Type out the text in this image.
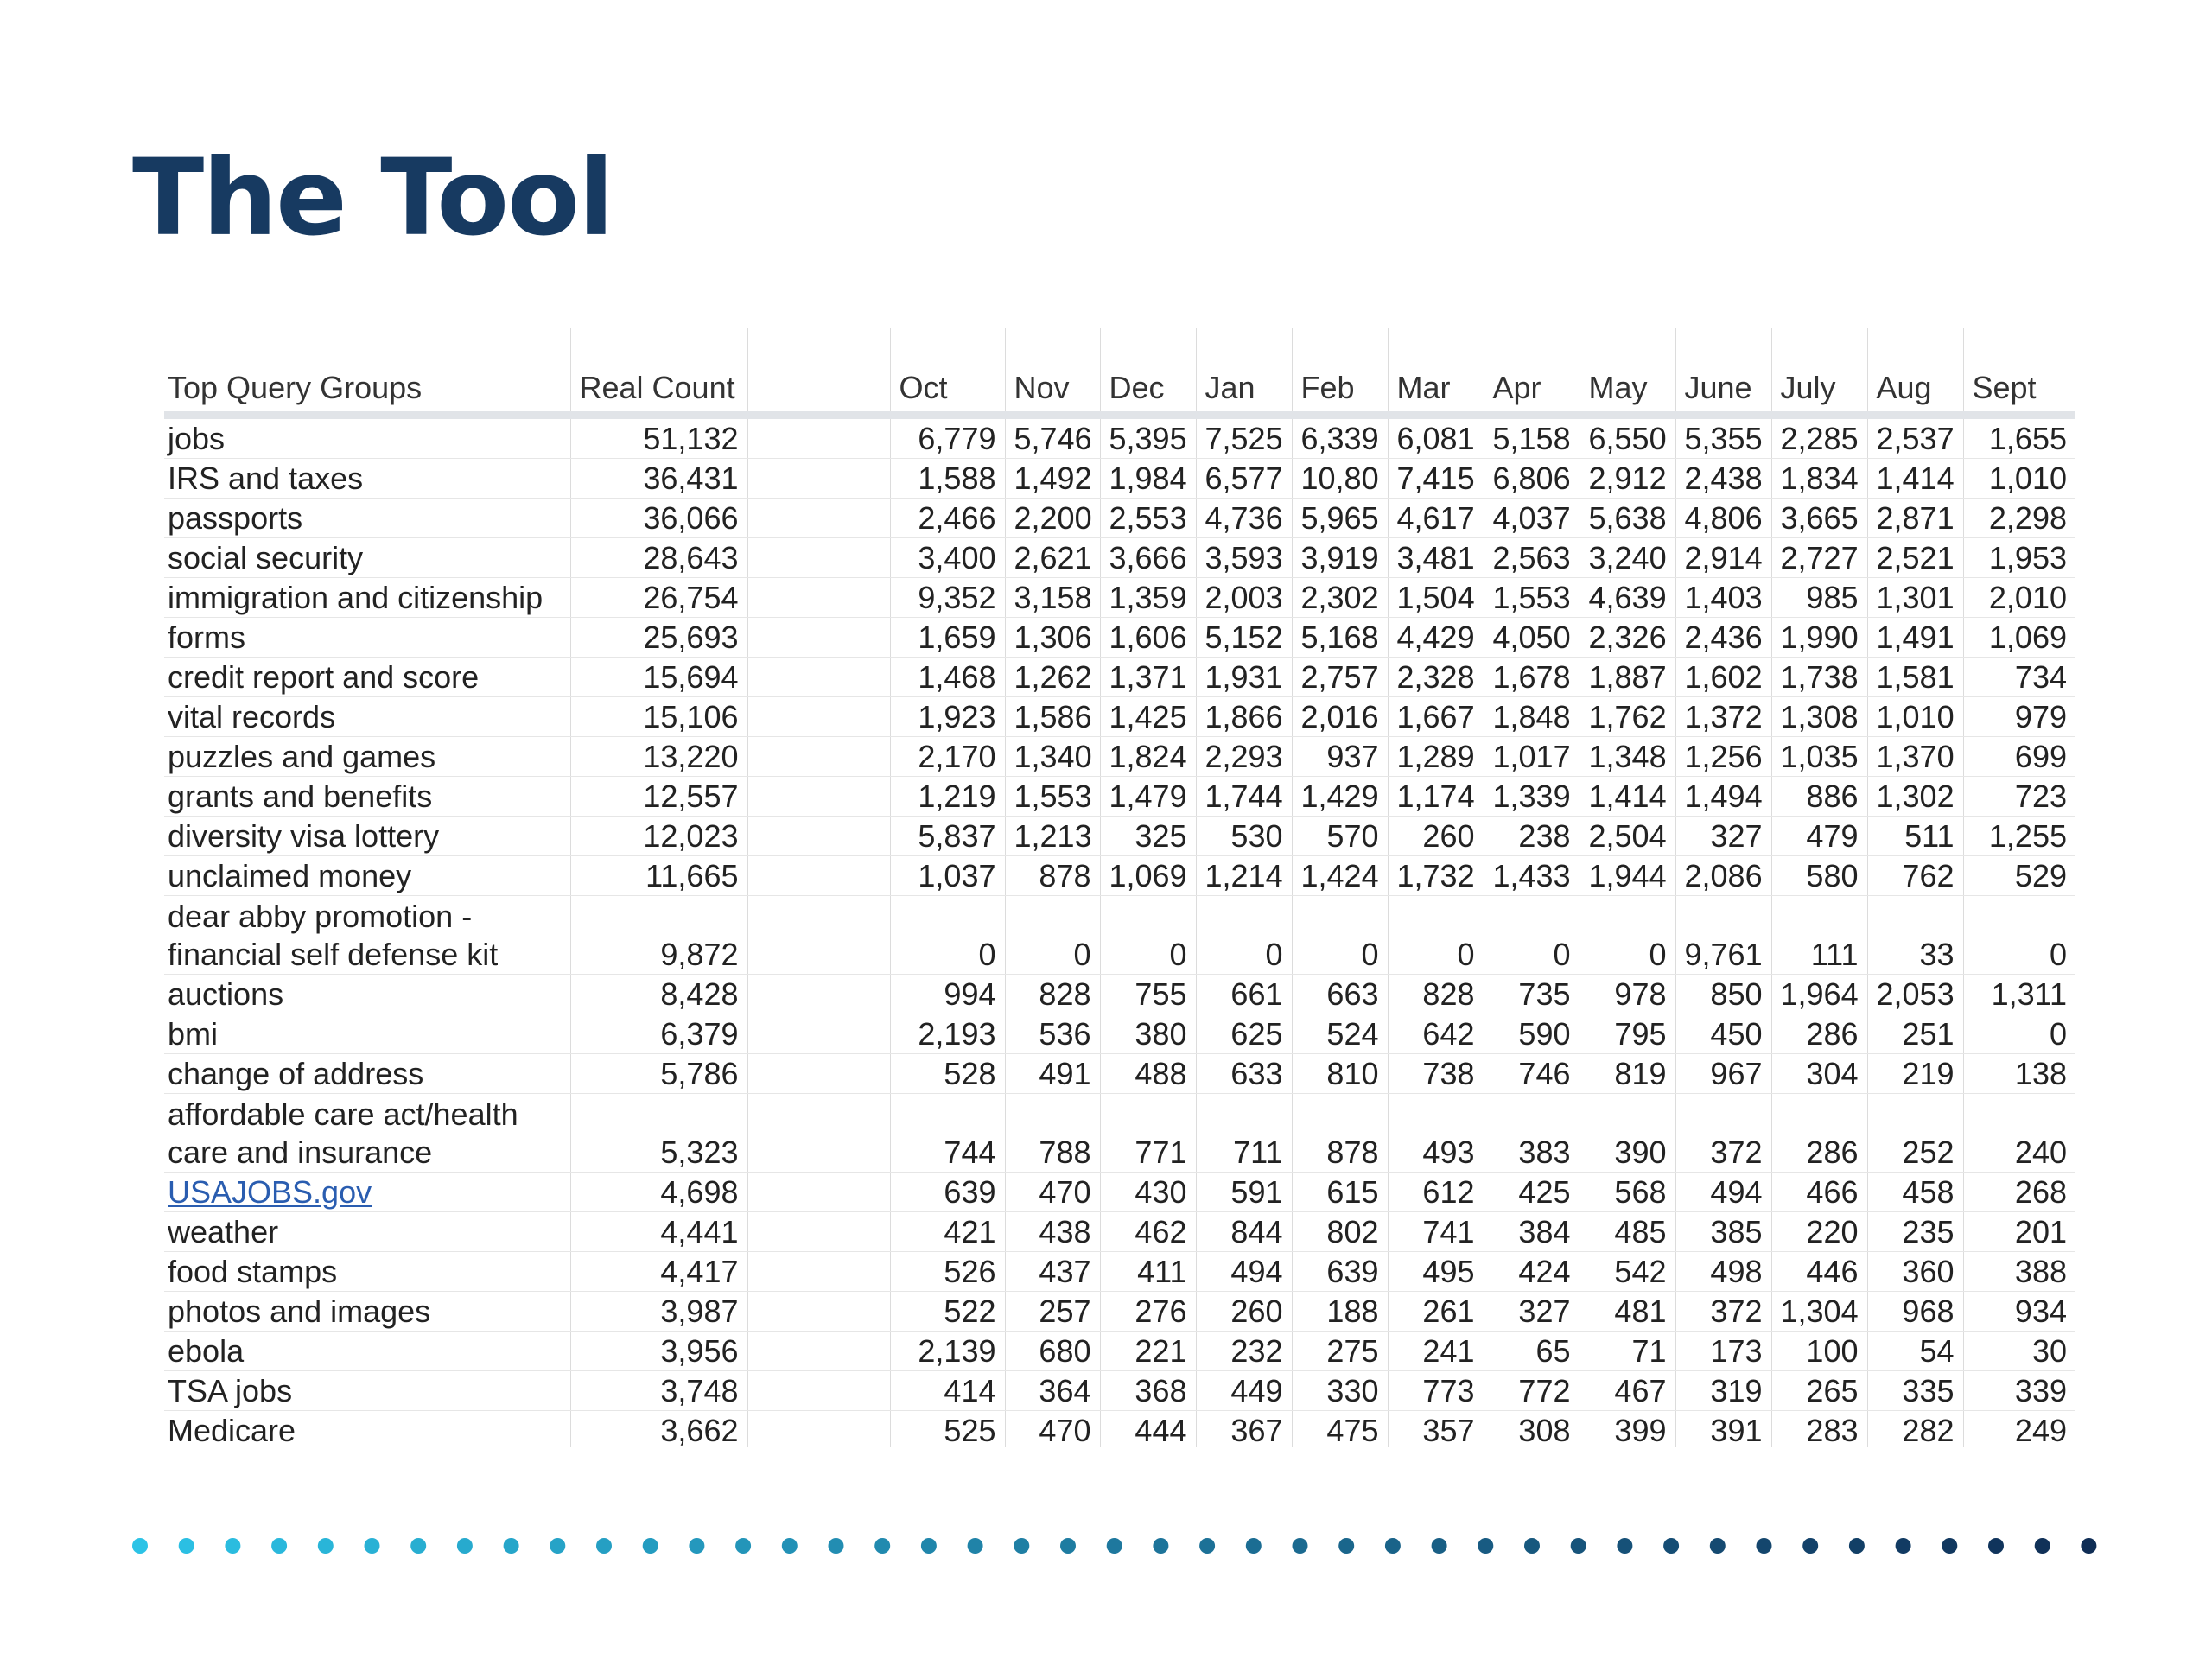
The Tool
Top Query Groups	Real Count		Oct	Nov	Dec	Jan	Feb	Mar	Apr	May	June	July	Aug	Sept
jobs	51,132		6,779	5,746	5,395	7,525	6,339	6,081	5,158	6,550	5,355	2,285	2,537	1,655
IRS and taxes	36,431		1,588	1,492	1,984	6,577	10,80	7,415	6,806	2,912	2,438	1,834	1,414	1,010
passports	36,066		2,466	2,200	2,553	4,736	5,965	4,617	4,037	5,638	4,806	3,665	2,871	2,298
social security	28,643		3,400	2,621	3,666	3,593	3,919	3,481	2,563	3,240	2,914	2,727	2,521	1,953
immigration and citizenship	26,754		9,352	3,158	1,359	2,003	2,302	1,504	1,553	4,639	1,403	985	1,301	2,010
forms	25,693		1,659	1,306	1,606	5,152	5,168	4,429	4,050	2,326	2,436	1,990	1,491	1,069
credit report and score	15,694		1,468	1,262	1,371	1,931	2,757	2,328	1,678	1,887	1,602	1,738	1,581	734
vital records	15,106		1,923	1,586	1,425	1,866	2,016	1,667	1,848	1,762	1,372	1,308	1,010	979
puzzles and games	13,220		2,170	1,340	1,824	2,293	937	1,289	1,017	1,348	1,256	1,035	1,370	699
grants and benefits	12,557		1,219	1,553	1,479	1,744	1,429	1,174	1,339	1,414	1,494	886	1,302	723
diversity visa lottery	12,023		5,837	1,213	325	530	570	260	238	2,504	327	479	511	1,255
unclaimed money	11,665		1,037	878	1,069	1,214	1,424	1,732	1,433	1,944	2,086	580	762	529
dear abby promotion - financial self defense kit	9,872		0	0	0	0	0	0	0	0	9,761	111	33	0
auctions	8,428		994	828	755	661	663	828	735	978	850	1,964	2,053	1,311
bmi	6,379		2,193	536	380	625	524	642	590	795	450	286	251	0
change of address	5,786		528	491	488	633	810	738	746	819	967	304	219	138
affordable care act/health care and insurance	5,323		744	788	771	711	878	493	383	390	372	286	252	240
USAJOBS.gov	4,698		639	470	430	591	615	612	425	568	494	466	458	268
weather	4,441		421	438	462	844	802	741	384	485	385	220	235	201
food stamps	4,417		526	437	411	494	639	495	424	542	498	446	360	388
photos and images	3,987		522	257	276	260	188	261	327	481	372	1,304	968	934
ebola	3,956		2,139	680	221	232	275	241	65	71	173	100	54	30
TSA jobs	3,748		414	364	368	449	330	773	772	467	319	265	335	339
Medicare	3,662		525	470	444	367	475	357	308	399	391	283	282	249
